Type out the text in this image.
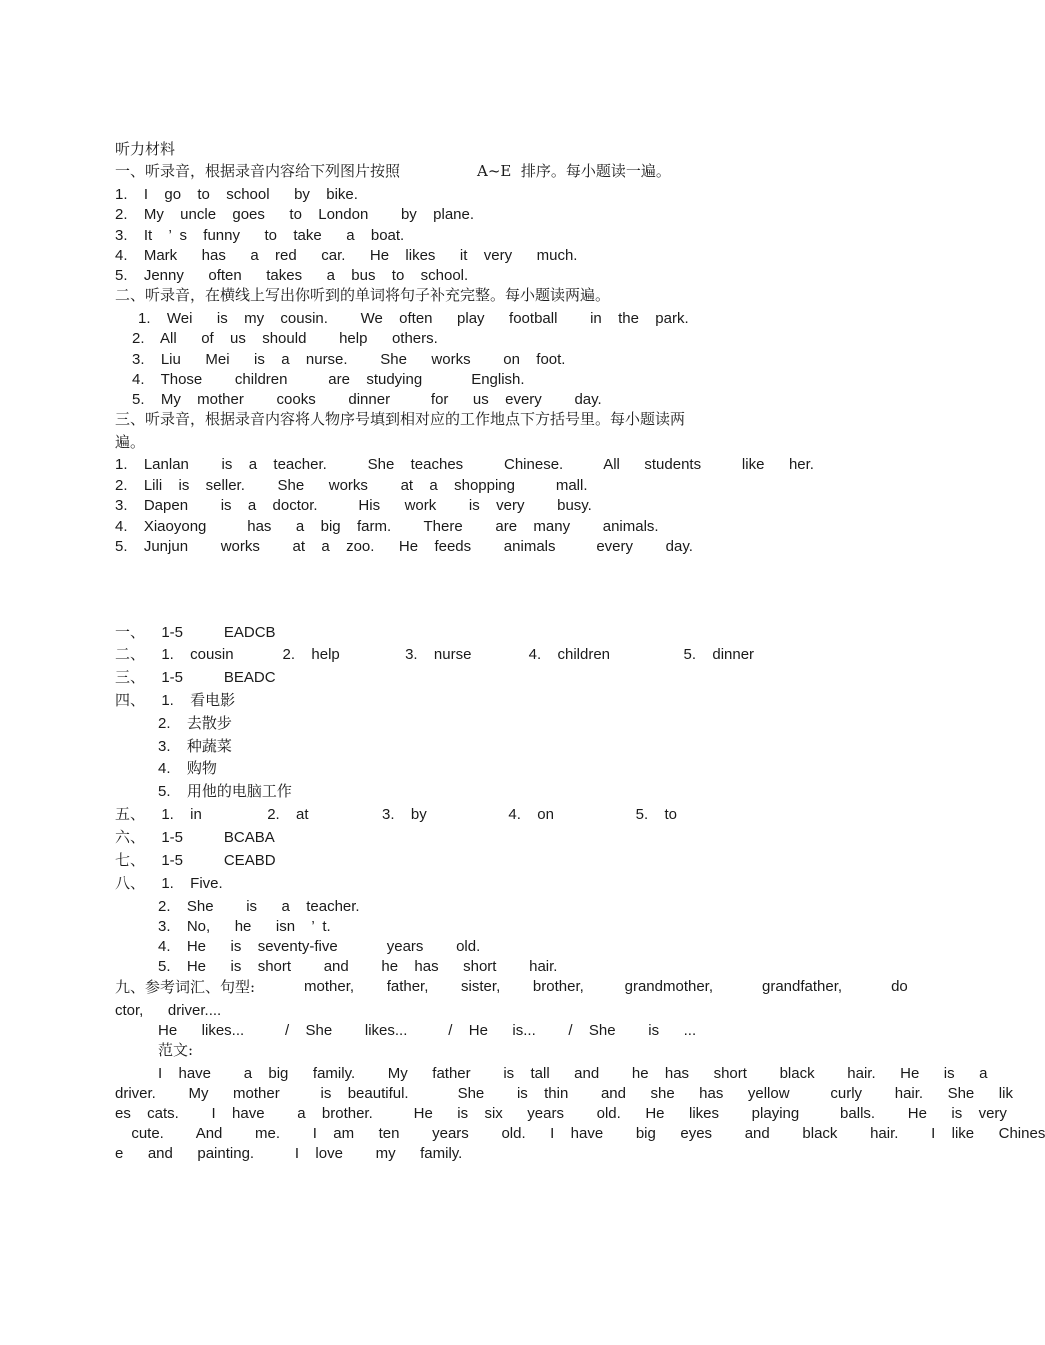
听力材料
一、听录音，根据录音内容给下列图片按照	A~E  排序。每小题读一遍。
1.  I  go  to  school   by  bike.
2.  My  uncle  goes   to  London    by  plane.
3.  It  ’ s  funny   to  take   a  boat.
4.  Mark   has   a  red   car.   He  likes   it  very   much.
5.  Jenny   often   takes   a  bus  to  school.
二、听录音，在横线上写出你听到的单词将句子补充完整。每小题读两遍。
1.  Wei   is  my  cousin.    We  often   play   football    in  the  park.
2.  All   of  us  should    help   others.
3.  Liu   Mei   is  a  nurse.    She   works    on  foot.
4.  Those    children     are  studying      English.
5.  My  mother    cooks    dinner     for   us  every    day.
三、听录音，根据录音内容将人物序号填到相对应的工作地点下方括号里。每小题读两
遍。
1.  Lanlan    is  a  teacher.     She  teaches     Chinese.     All   students     like   her.
2.  Lili  is  seller.    She   works    at  a  shopping     mall.
3.  Dapen    is  a  doctor.     His   work    is  very    busy.
4.  Xiaoyong     has   a  big  farm.    There    are  many    animals.
5.  Junjun    works    at  a  zoo.   He  feeds    animals     every    day.
一、  1-5     EADCB
二、  1.  cousin      2.  help        3.  nurse       4.  children         5.  dinner
三、  1-5     BEADC
四、  1.  看电影
2.  去散步
3.  种蔬菜
4.  购物
5.  用他的电脑工作
五、  1.  in        2.  at         3.  by          4.  on          5.  to
六、  1-5     BCABA
七、  1-5     CEABD
八、  1.  Five.
2.  She    is   a  teacher.
3.  No,   he   isn  ’ t.
4.  He   is  seventy-five      years    old.
5.  He   is  short    and    he  has   short    hair.
九、参考词汇、句型:	mother,    father,    sister,    brother,     grandmother,      grandfather,      do
ctor,   driver....
He   likes...     /  She    likes...     /  He   is...    /  She    is   ...
范文:
I  have    a  big   family.    My   father    is  tall   and    he  has   short    black    hair.   He   is   a
driver.    My   mother     is  beautiful.      She    is  thin    and   she   has   yellow     curly    hair.   She   lik
es  cats.    I  have    a  brother.     He   is  six   years    old.   He   likes    playing     balls.    He   is  very
cute.    And    me.    I  am   ten    years    old.   I  have    big   eyes    and    black    hair.    I  like   Chines
e   and   painting.     I  love    my   family.
